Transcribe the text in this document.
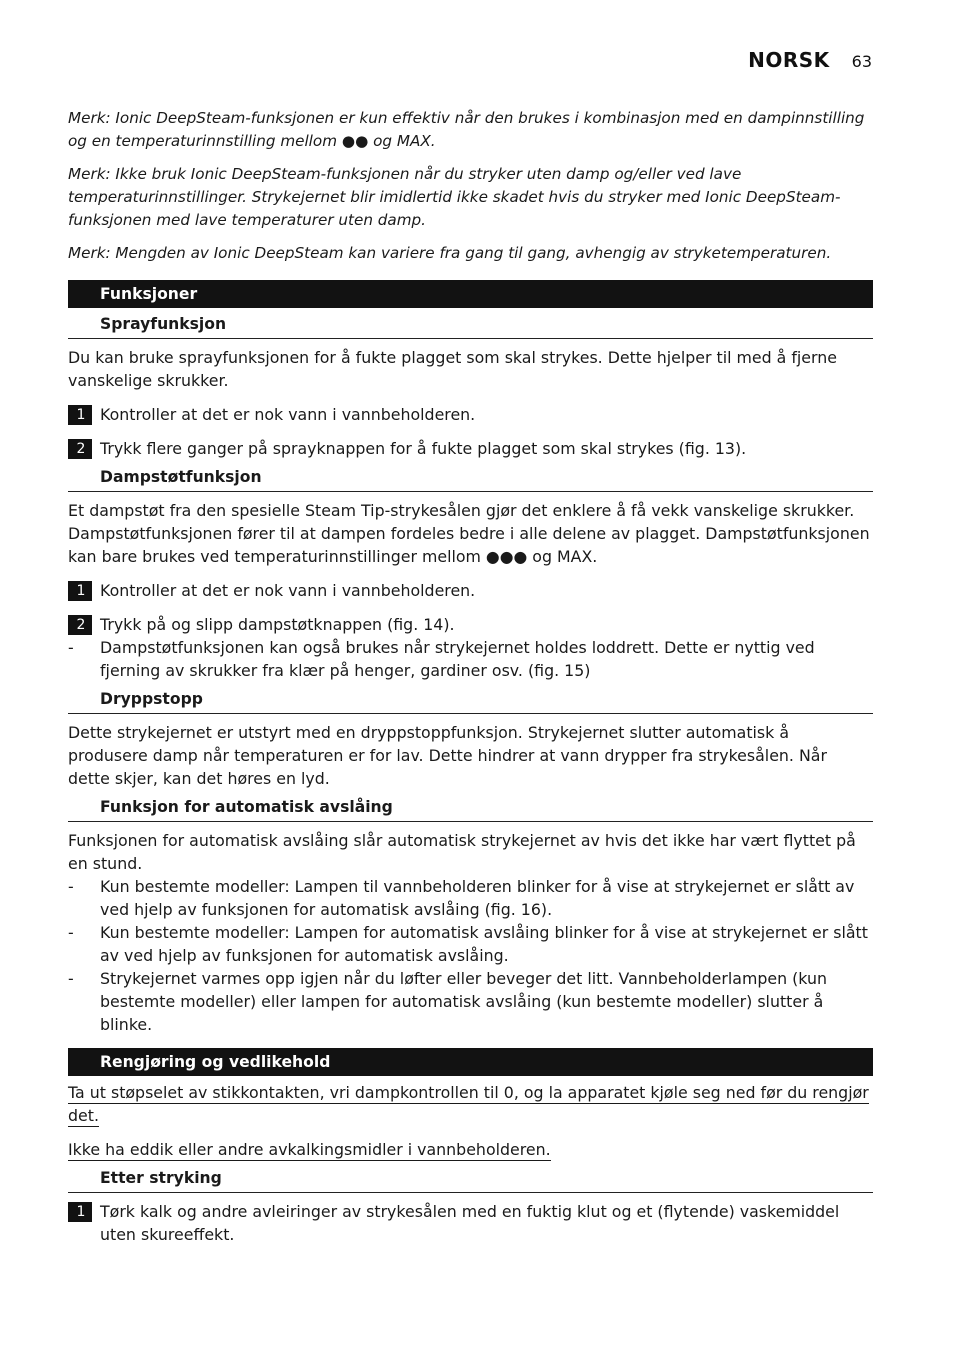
NORSK 63

Merk: Ionic DeepSteam-funksjonen er kun effektiv når den brukes i kombinasjon med en dampinnstilling og en temperaturinnstilling mellom ●● og MAX.

Merk: Ikke bruk Ionic DeepSteam-funksjonen når du stryker uten damp og/eller ved lave temperaturinnstillinger. Strykejernet blir imidlertid ikke skadet hvis du stryker med Ionic DeepSteam-funksjonen med lave temperaturer uten damp.

Merk: Mengden av Ionic DeepSteam kan variere fra gang til gang, avhengig av stryketemperaturen.

Funksjoner
Sprayfunksjon

Du kan bruke sprayfunksjonen for å fukte plagget som skal strykes. Dette hjelper til med å fjerne vanskelige skrukker.

1 Kontroller at det er nok vann i vannbeholderen.
2 Trykk flere ganger på sprayknappen for å fukte plagget som skal strykes (fig. 13).
Dampstøtfunksjon

Et dampstøt fra den spesielle Steam Tip-strykesålen gjør det enklere å få vekk vanskelige skrukker. Dampstøtfunksjonen fører til at dampen fordeles bedre i alle delene av plagget. Dampstøtfunksjonen kan bare brukes ved temperaturinnstillinger mellom ●●● og MAX.

1 Kontroller at det er nok vann i vannbeholderen.
2 Trykk på og slipp dampstøtknappen (fig. 14).
-	Dampstøtfunksjonen kan også brukes når strykejernet holdes loddrett. Dette er nyttig ved fjerning av skrukker fra klær på henger, gardiner osv. (fig. 15)
Dryppstopp

Dette strykejernet er utstyrt med en dryppstoppfunksjon. Strykejernet slutter automatisk å produsere damp når temperaturen er for lav. Dette hindrer at vann drypper fra strykesålen. Når dette skjer, kan det høres en lyd.

Funksjon for automatisk avslåing

Funksjonen for automatisk avslåing slår automatisk strykejernet av hvis det ikke har vært flyttet på en stund.

-	Kun bestemte modeller: Lampen til vannbeholderen blinker for å vise at strykejernet er slått av ved hjelp av funksjonen for automatisk avslåing (fig. 16).
-	Kun bestemte modeller: Lampen for automatisk avslåing blinker for å vise at strykejernet er slått av ved hjelp av funksjonen for automatisk avslåing.
-	Strykejernet varmes opp igjen når du løfter eller beveger det litt. Vannbeholderlampen (kun bestemte modeller) eller lampen for automatisk avslåing (kun bestemte modeller) slutter å blinke.
Rengjøring og vedlikehold

Ta ut støpselet av stikkontakten, vri dampkontrollen til 0, og la apparatet kjøle seg ned før du rengjør det.

Ikke ha eddik eller andre avkalkingsmidler i vannbeholderen.

Etter stryking
1 Tørk kalk og andre avleiringer av strykesålen med en fuktig klut og et (flytende) vaskemiddel uten skureeffekt.
